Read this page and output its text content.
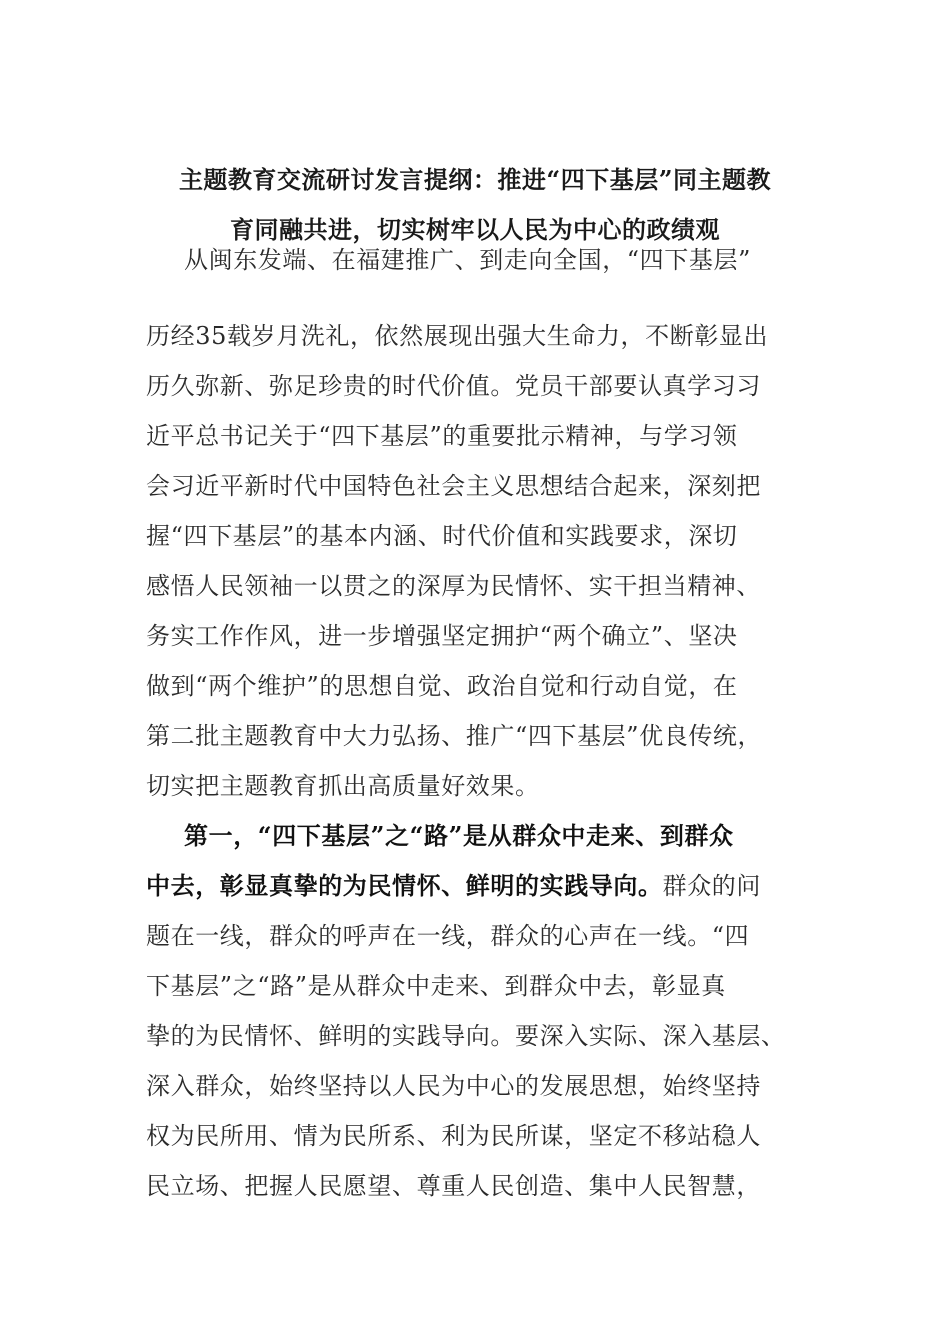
主题教育交流研讨发言提纲：推进“四下基层”同主题教
育同融共进，切实树牢以人民为中心的政绩观
从闽东发端、在福建推广、到走向全国，“四下基层”
历经35载岁月洗礼，依然展现出强大生命力，不断彰显出
历久弥新、弥足珍贵的时代价值。党员干部要认真学习习
近平总书记关于“四下基层”的重要批示精神，与学习领
会习近平新时代中国特色社会主义思想结合起来，深刻把
握“四下基层”的基本内涵、时代价值和实践要求，深切
感悟人民领袖一以贯之的深厚为民情怀、实干担当精神、
务实工作作风，进一步增强坚定拥护“两个确立”、坚决
做到“两个维护”的思想自觉、政治自觉和行动自觉，在
第二批主题教育中大力弘扬、推广“四下基层”优良传统，
切实把主题教育抓出高质量好效果。
第一，“四下基层”之“路”是从群众中走来、到群众
中去，彰显真挚的为民情怀、鲜明的实践导向。群众的问
题在一线，群众的呼声在一线，群众的心声在一线。“四
下基层”之“路”是从群众中走来、到群众中去，彰显真
挚的为民情怀、鲜明的实践导向。要深入实际、深入基层、
深入群众，始终坚持以人民为中心的发展思想，始终坚持
权为民所用、情为民所系、利为民所谋，坚定不移站稳人
民立场、把握人民愿望、尊重人民创造、集中人民智慧，
